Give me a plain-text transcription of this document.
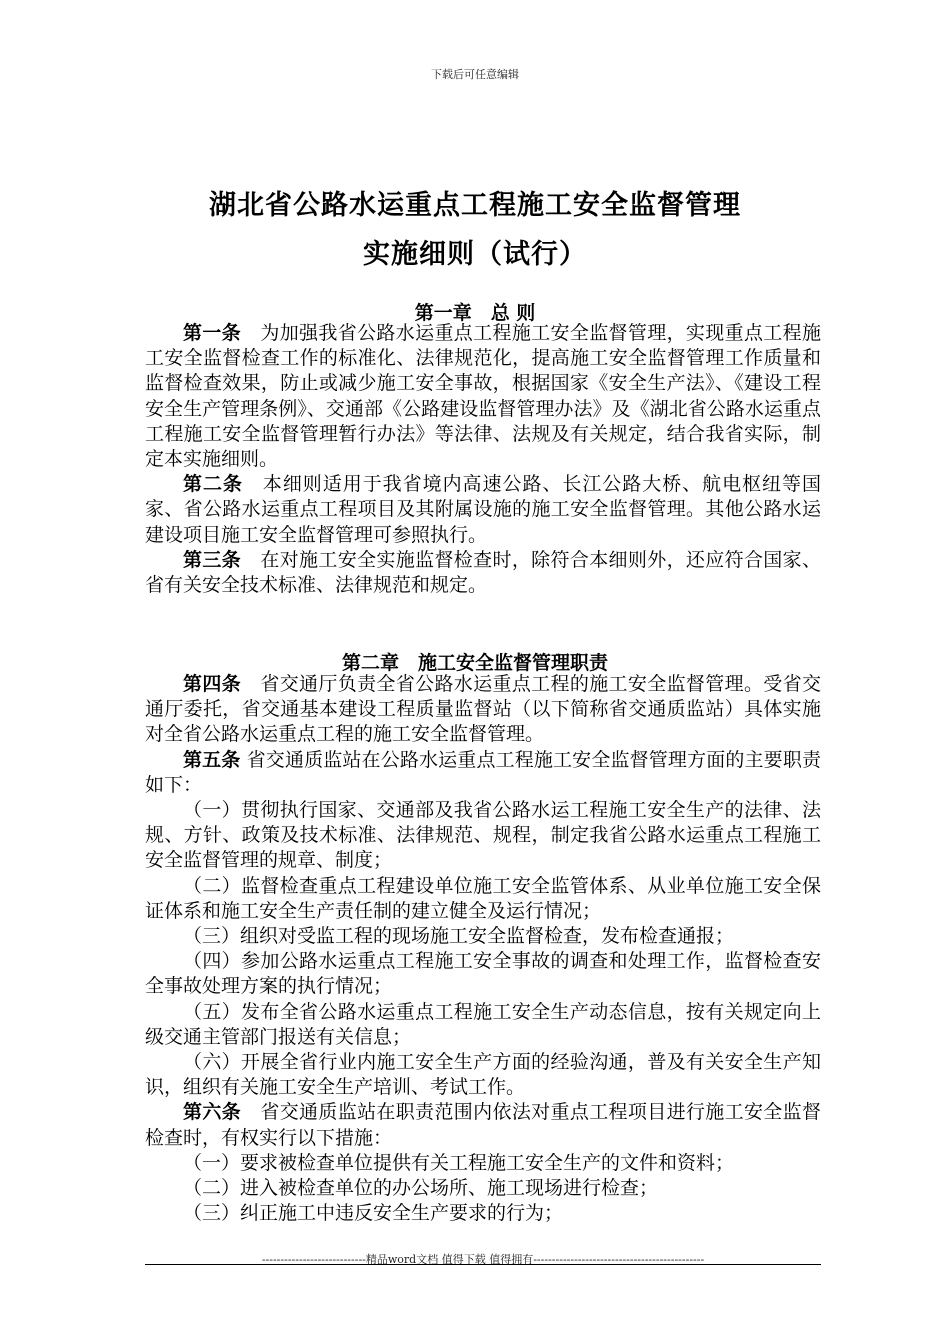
下载后可任意编辑
湖北省公路水运重点工程施工安全监督管理
实施细则（试行）
第一章　总 则

第一条　为加强我省公路水运重点工程施工安全监督管理，实现重点工程施工安全监督检查工作的标准化、法律规范化，提高施工安全监督管理工作质量和监督检查效果，防止或减少施工安全事故，根据国家《安全生产法》、《建设工程安全生产管理条例》、交通部《公路建设监督管理办法》及《湖北省公路水运重点工程施工安全监督管理暂行办法》等法律、法规及有关规定，结合我省实际，制定本实施细则。

第二条　本细则适用于我省境内高速公路、长江公路大桥、航电枢纽等国家、省公路水运重点工程项目及其附属设施的施工安全监督管理。其他公路水运建设项目施工安全监督管理可参照执行。

第三条　在对施工安全实施监督检查时，除符合本细则外，还应符合国家、省有关安全技术标准、法律规范和规定。

第二章　施工安全监督管理职责

第四条　省交通厅负责全省公路水运重点工程的施工安全监督管理。受省交通厅委托，省交通基本建设工程质量监督站（以下简称省交通质监站）具体实施对全省公路水运重点工程的施工安全监督管理。

第五条 省交通质监站在公路水运重点工程施工安全监督管理方面的主要职责如下：

（一）贯彻执行国家、交通部及我省公路水运工程施工安全生产的法律、法规、方针、政策及技术标准、法律规范、规程，制定我省公路水运重点工程施工安全监督管理的规章、制度；

（二）监督检查重点工程建设单位施工安全监管体系、从业单位施工安全保证体系和施工安全生产责任制的建立健全及运行情况；

（三）组织对受监工程的现场施工安全监督检查，发布检查通报；

（四）参加公路水运重点工程施工安全事故的调查和处理工作，监督检查安全事故处理方案的执行情况；

（五）发布全省公路水运重点工程施工安全生产动态信息，按有关规定向上级交通主管部门报送有关信息；

（六）开展全省行业内施工安全生产方面的经验沟通，普及有关安全生产知识，组织有关施工安全生产培训、考试工作。

第六条　省交通质监站在职责范围内依法对重点工程项目进行施工安全监督检查时，有权实行以下措施：

（一）要求被检查单位提供有关工程施工安全生产的文件和资料；

（二）进入被检查单位的办公场所、施工现场进行检查；

（三）纠正施工中违反安全生产要求的行为；

----------------------------精品word文档 值得下载 值得拥有----------------------------------------------
